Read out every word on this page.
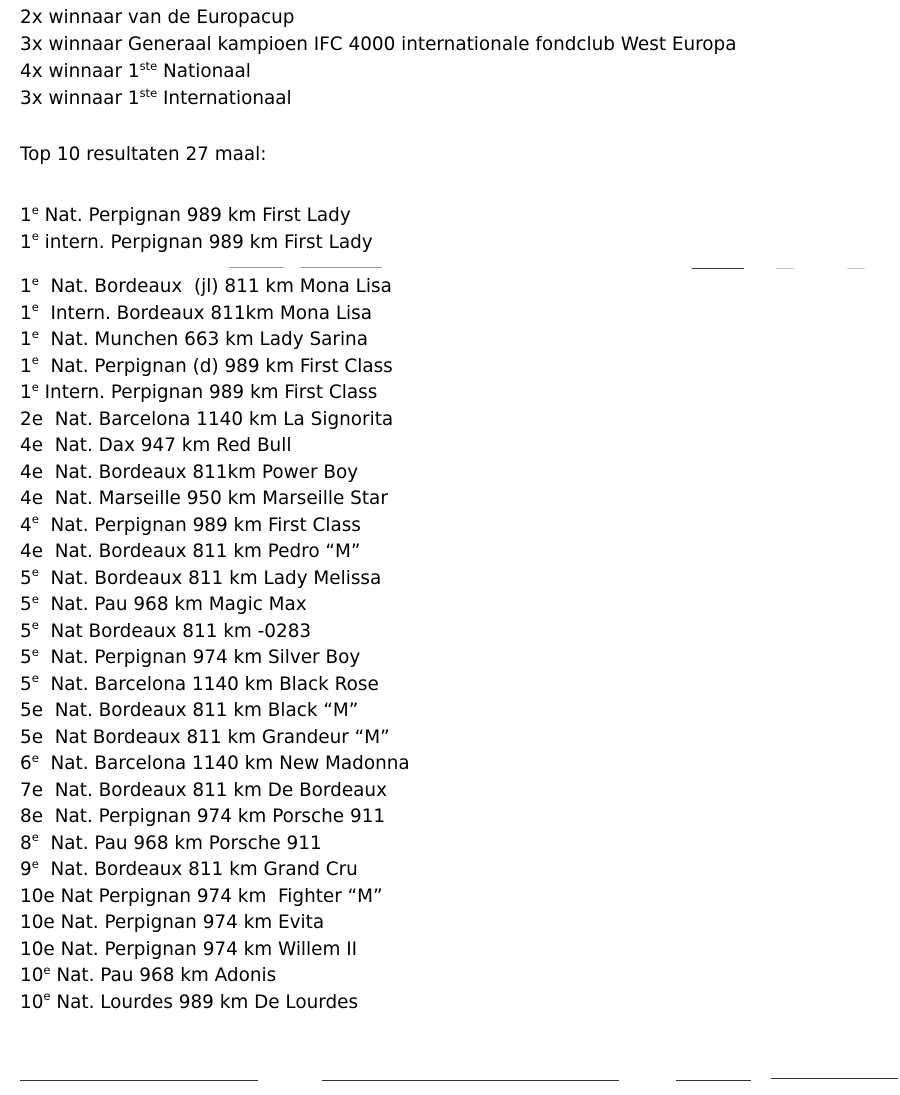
2x winnaar van de Europacup
3x winnaar Generaal kampioen IFC 4000 internationale fondclub West Europa
4x winnaar 1ste Nationaal
3x winnaar 1ste Internationaal
Top 10 resultaten 27 maal:
1e Nat. Perpignan 989 km First Lady
1e intern. Perpignan 989 km First Lady
1e  Nat. Bordeaux  (jl) 811 km Mona Lisa
1e  Intern. Bordeaux 811km Mona Lisa
1e  Nat. Munchen 663 km Lady Sarina
1e  Nat. Perpignan (d) 989 km First Class
1e Intern. Perpignan 989 km First Class
2e  Nat. Barcelona 1140 km La Signorita
4e  Nat. Dax 947 km Red Bull
4e  Nat. Bordeaux 811km Power Boy
4e  Nat. Marseille 950 km Marseille Star
4e  Nat. Perpignan 989 km First Class
4e  Nat. Bordeaux 811 km Pedro “M”
5e  Nat. Bordeaux 811 km Lady Melissa
5e  Nat. Pau 968 km Magic Max
5e  Nat Bordeaux 811 km -0283
5e  Nat. Perpignan 974 km Silver Boy
5e  Nat. Barcelona 1140 km Black Rose
5e  Nat. Bordeaux 811 km Black “M”
5e  Nat Bordeaux 811 km Grandeur “M”
6e  Nat. Barcelona 1140 km New Madonna
7e  Nat. Bordeaux 811 km De Bordeaux
8e  Nat. Perpignan 974 km Porsche 911
8e  Nat. Pau 968 km Porsche 911
9e  Nat. Bordeaux 811 km Grand Cru
10e Nat Perpignan 974 km  Fighter “M”
10e Nat. Perpignan 974 km Evita
10e Nat. Perpignan 974 km Willem II
10e Nat. Pau 968 km Adonis
10e Nat. Lourdes 989 km De Lourdes
